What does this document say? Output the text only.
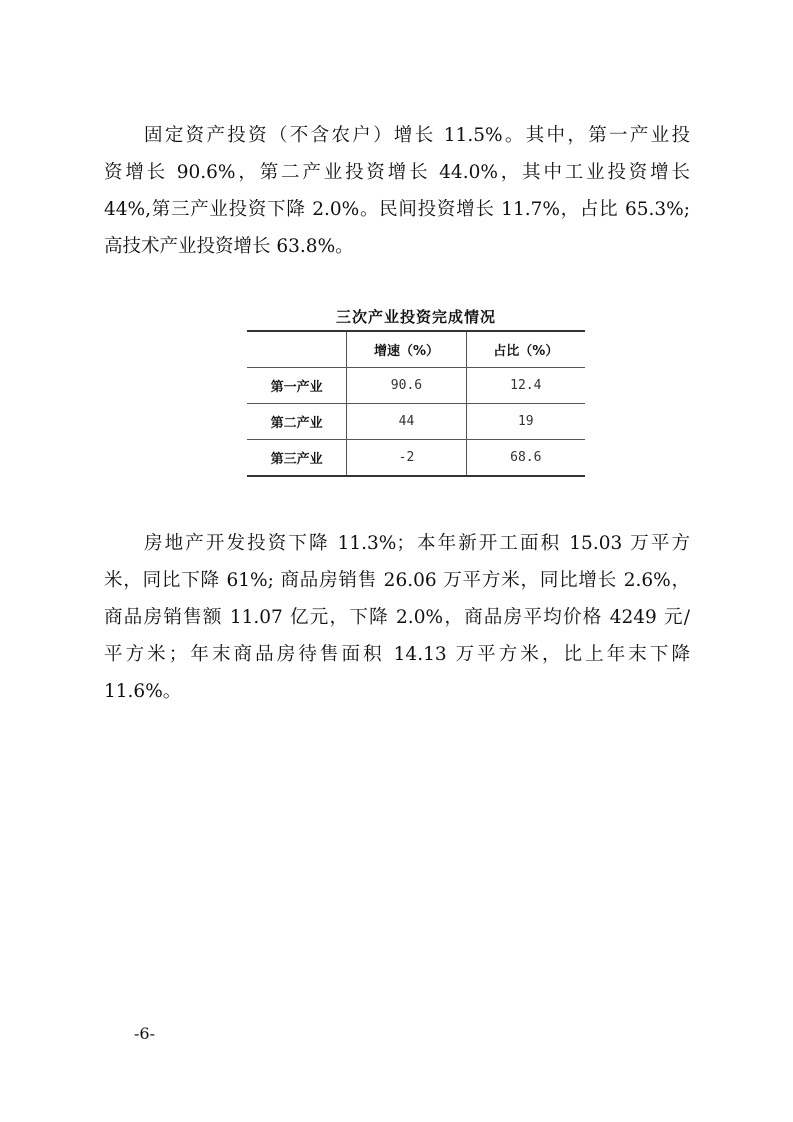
固定资产投资（不含农户）增长 11.5%。其中，第一产业投
资增长 90.6%，第二产业投资增长 44.0%，其中工业投资增长
44%,第三产业投资下降 2.0%。民间投资增长 11.7%，占比 65.3%;
高技术产业投资增长 63.8%。
三次产业投资完成情况
	增速（%）	占比（%）
第一产业	90.6	12.4
第二产业	44	19
第三产业	-2	68.6
房地产开发投资下降 11.3%；本年新开工面积 15.03 万平方
米，同比下降 61%; 商品房销售 26.06 万平方米，同比增长 2.6%，
商品房销售额 11.07 亿元，下降 2.0%，商品房平均价格 4249 元/
平方米；年末商品房待售面积 14.13 万平方米，比上年末下降
11.6%。
-6-
